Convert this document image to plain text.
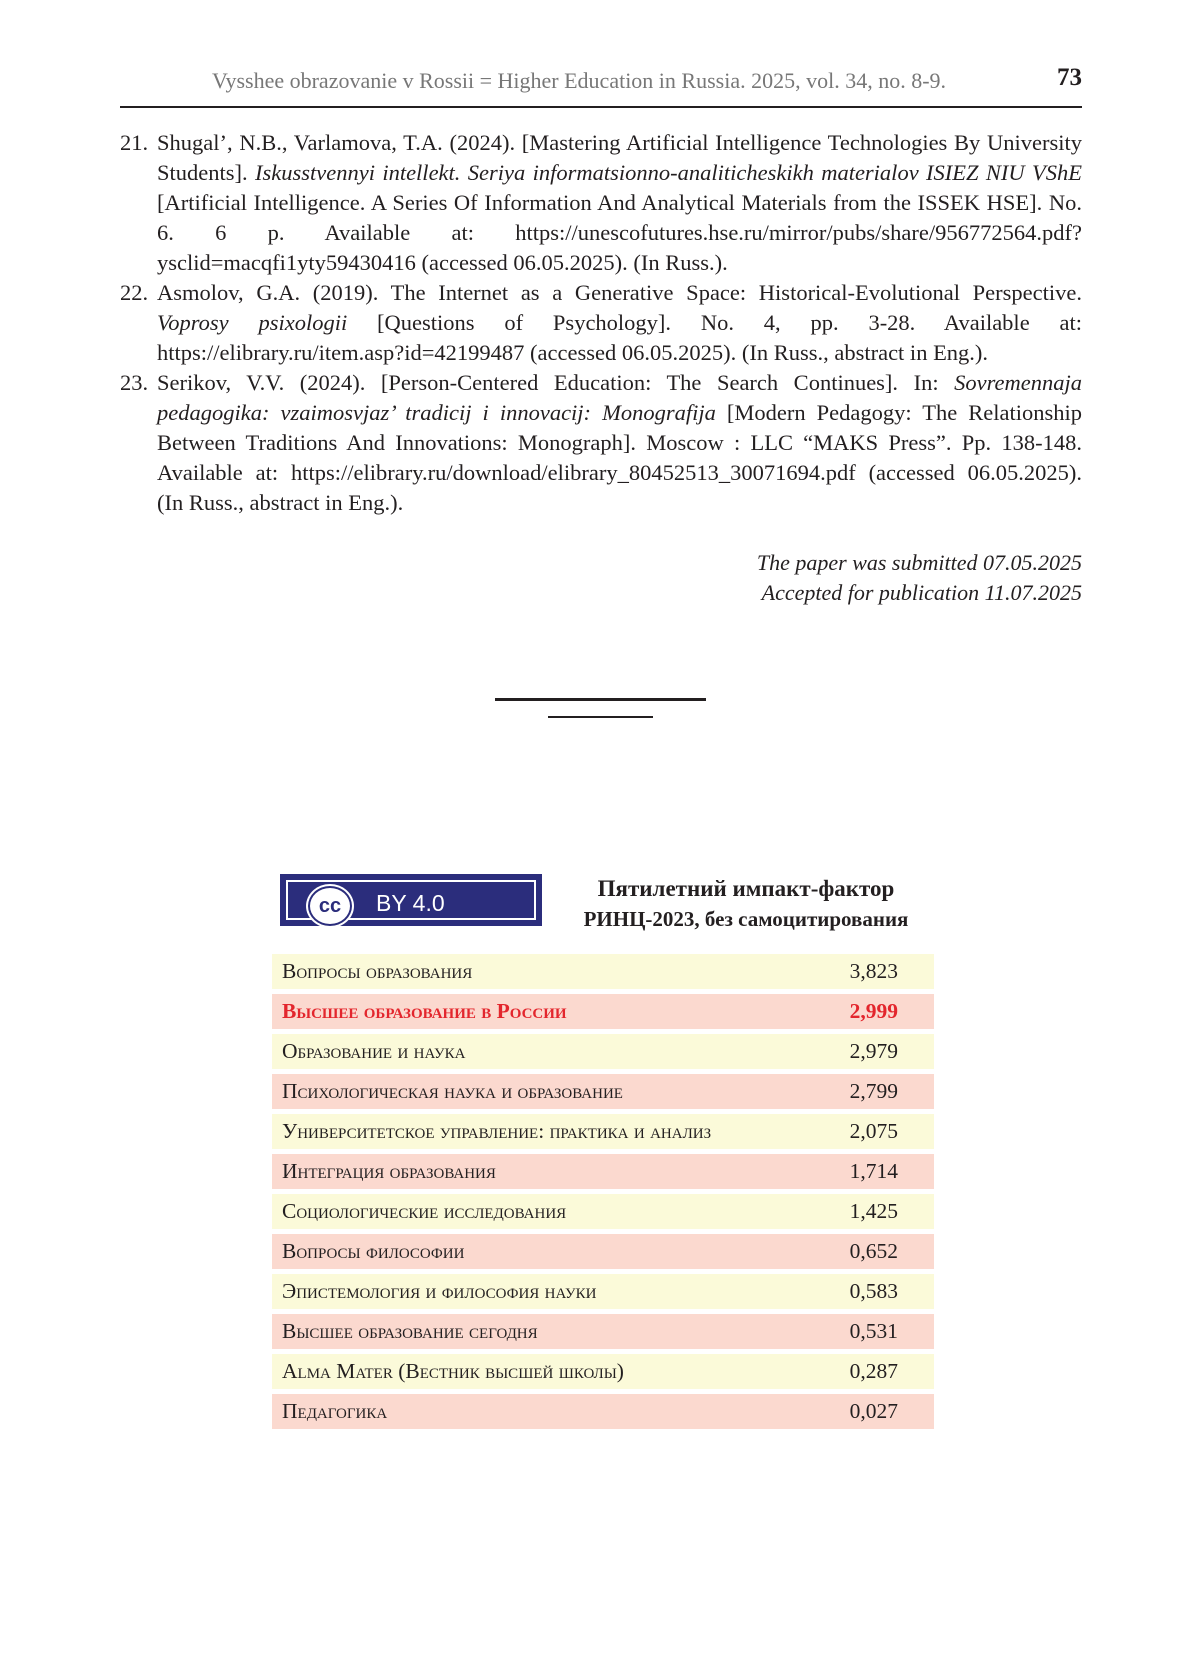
Vysshee obrazovanie v Rossii = Higher Education in Russia. 2025, vol. 34, no. 8-9.	73
21. Shugal’, N.B., Varlamova, T.A. (2024). [Mastering Artificial Intelligence Technologies By University Students]. Iskusstvennyi intellekt. Seriya informatsionno-analiticheskikh materialov ISIEZ NIU VShE [Artificial Intelligence. A Series Of Information And Analytical Materials from the ISSEK HSE]. No. 6. 6 p. Available at: https://unescofutures.hse.ru/mirror/pubs/share/956772564.pdf?ysclid=macqfi1yty59430416 (accessed 06.05.2025). (In Russ.).
22. Asmolov, G.A. (2019). The Internet as a Generative Space: Historical-Evolutional Perspective. Voprosy psixologii [Questions of Psychology]. No. 4, pp. 3-28. Available at: https://elibrary.ru/item.asp?id=42199487 (accessed 06.05.2025). (In Russ., abstract in Eng.).
23. Serikov, V.V. (2024). [Person-Centered Education: The Search Continues]. In: Sovremennaja pedagogika: vzaimosvjaz’ tradicij i innovacij: Monografija [Modern Pedagogy: The Relationship Between Traditions And Innovations: Monograph]. Moscow : LLC “MAKS Press”. Pp. 138-148. Available at: https://elibrary.ru/download/elibrary_80452513_30071694.pdf (accessed 06.05.2025). (In Russ., abstract in Eng.).
The paper was submitted 07.05.2025
Accepted for publication 11.07.2025
cc	BY 4.0
Пятилетний импакт-фактор
РИНЦ-2023, без самоцитирования
Вопросы образования	3,823
Высшее образование в России	2,999
Образование и наука	2,979
Психологическая наука и образование	2,799
Университетское управление: практика и анализ	2,075
Интеграция образования	1,714
Социологические исследования	1,425
Вопросы философии	0,652
Эпистемология и философия науки	0,583
Высшее образование сегодня	0,531
Alma Mater (Вестник высшей школы)	0,287
Педагогика	0,027
